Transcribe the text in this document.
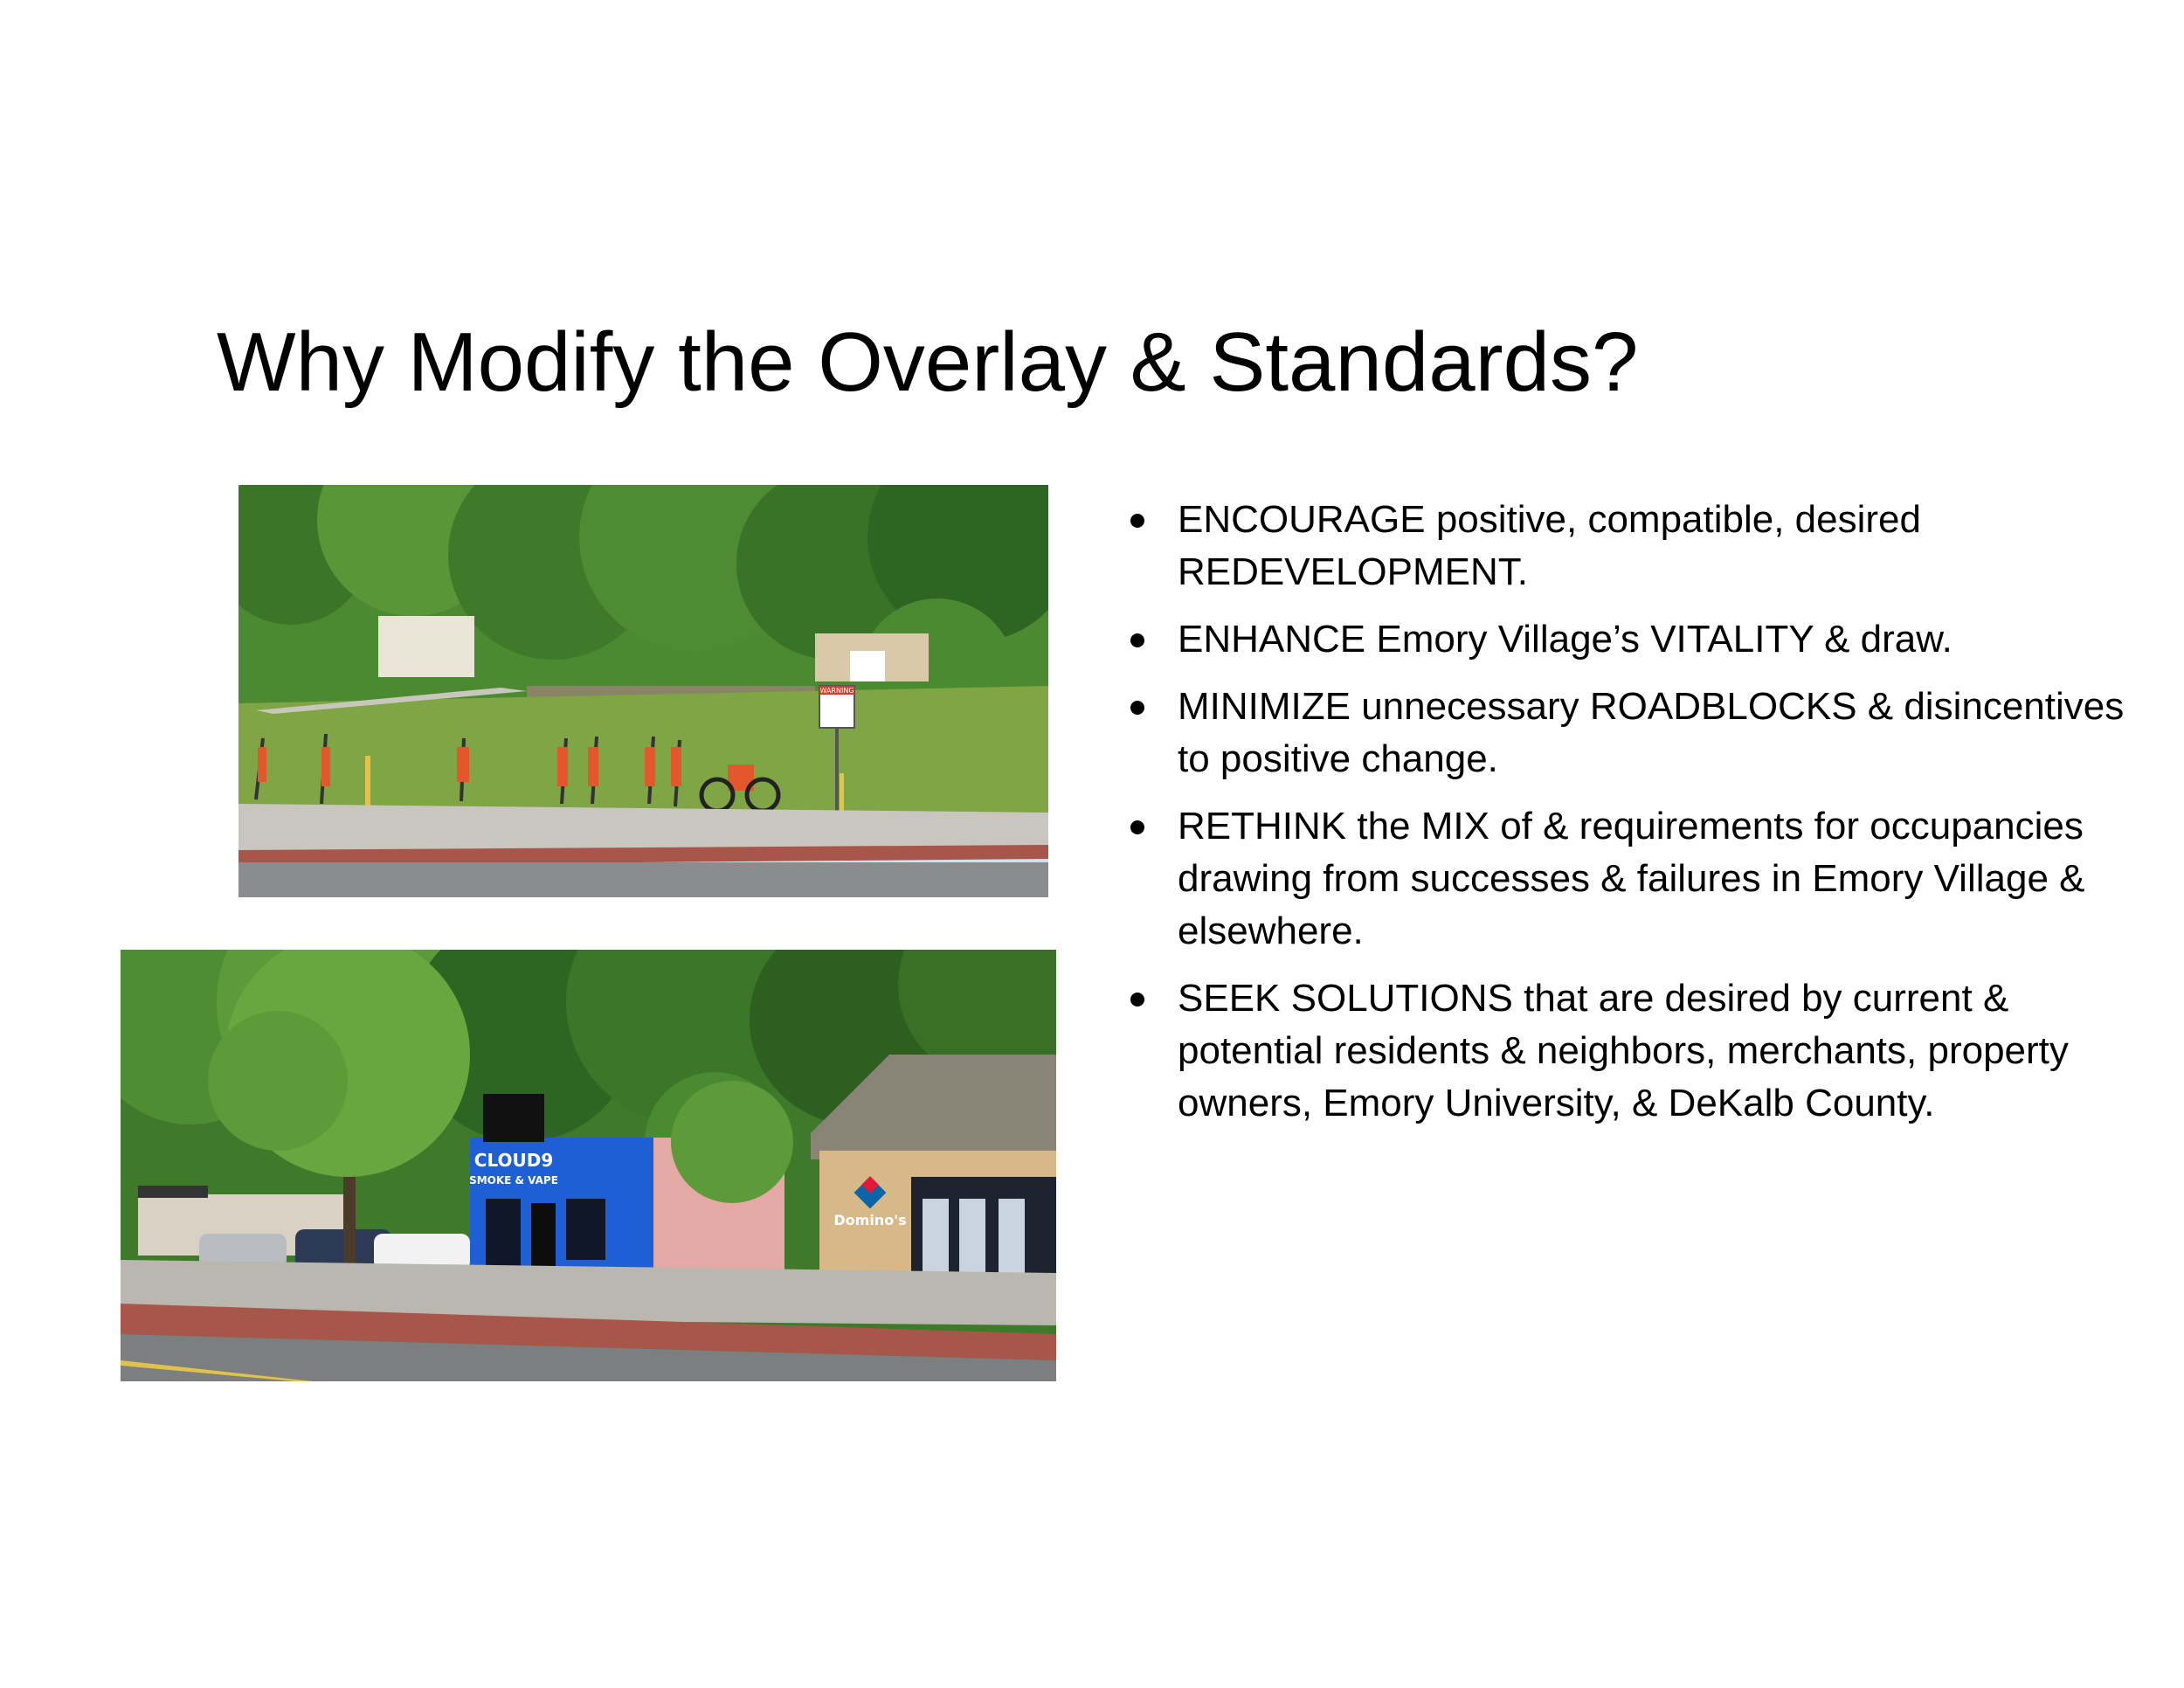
Why Modify the Overlay & Standards?
WARNING
CLOUD9
SMOKE & VAPE
Domino's
ENCOURAGE positive, compatible, desired REDEVELOPMENT.
ENHANCE Emory Village’s VITALITY & draw.
MINIMIZE unnecessary ROADBLOCKS & disincentives to positive change.
RETHINK the MIX of & requirements for occupancies drawing from successes & failures in Emory Village & elsewhere.
SEEK SOLUTIONS that are desired by current & potential residents & neighbors, merchants, property owners, Emory University, & DeKalb County.
